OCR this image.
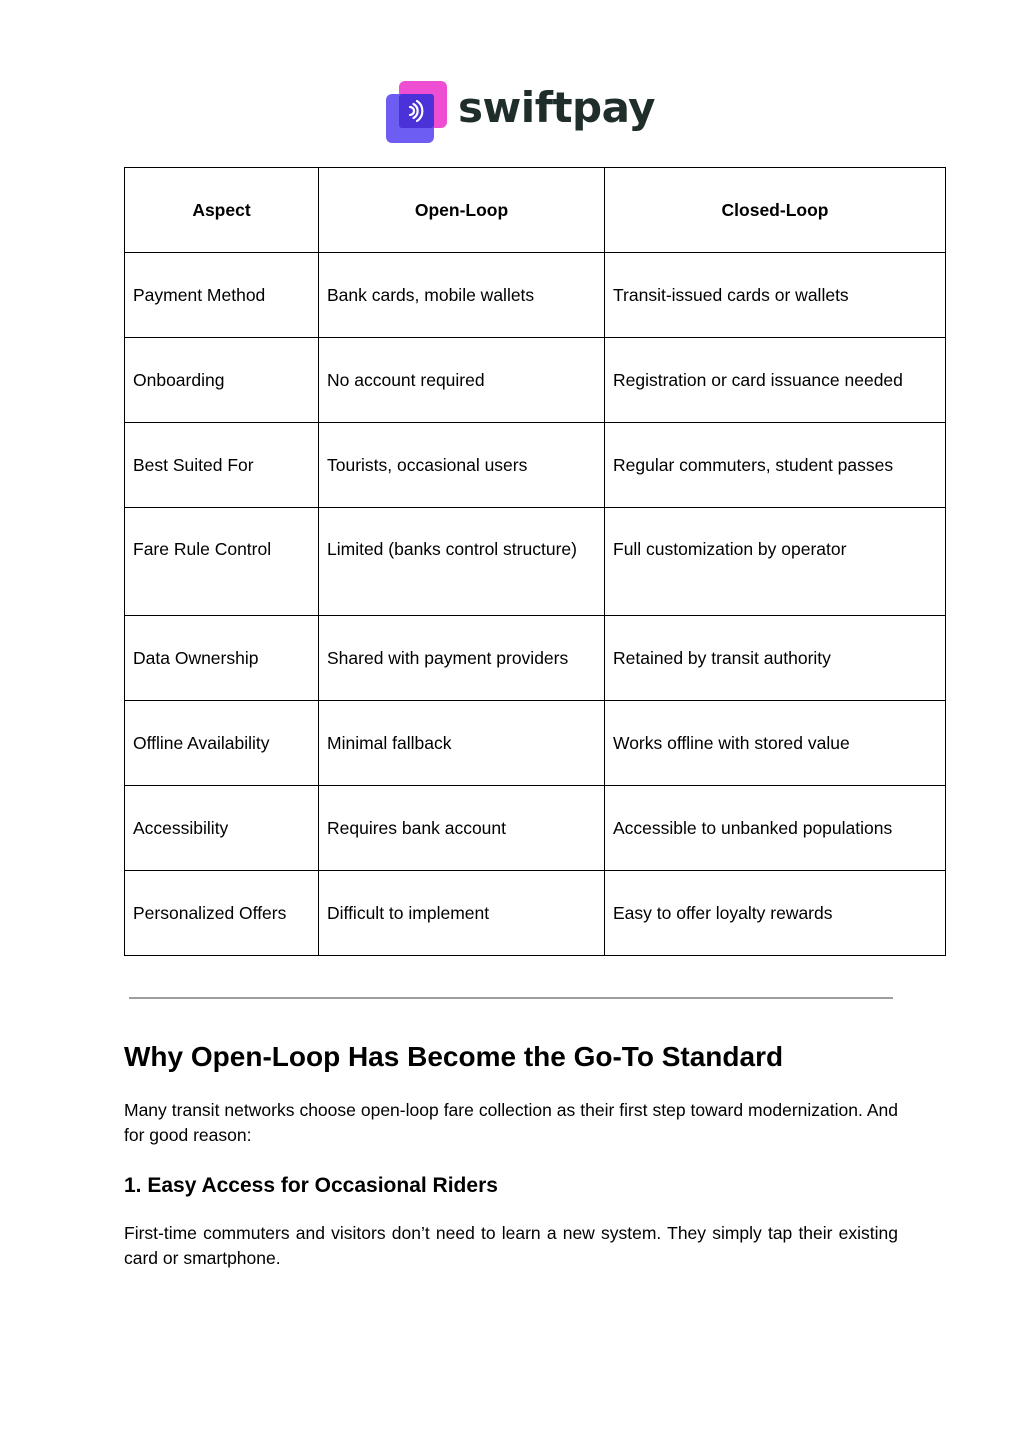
swiftpay
Aspect	Open-Loop	Closed-Loop
Payment Method	Bank cards, mobile wallets	Transit-issued cards or wallets
Onboarding	No account required	Registration or card issuance needed
Best Suited For	Tourists, occasional users	Regular commuters, student passes
Fare Rule Control	Limited (banks control structure)	Full customization by operator
Data Ownership	Shared with payment providers	Retained by transit authority
Offline Availability	Minimal fallback	Works offline with stored value
Accessibility	Requires bank account	Accessible to unbanked populations
Personalized Offers	Difficult to implement	Easy to offer loyalty rewards
Why Open-Loop Has Become the Go-To Standard

Many transit networks choose open-loop fare collection as their first step toward modernization. And for good reason:

1. Easy Access for Occasional Riders

First-time commuters and visitors don’t need to learn a new system. They simply tap their existing card or smartphone.
